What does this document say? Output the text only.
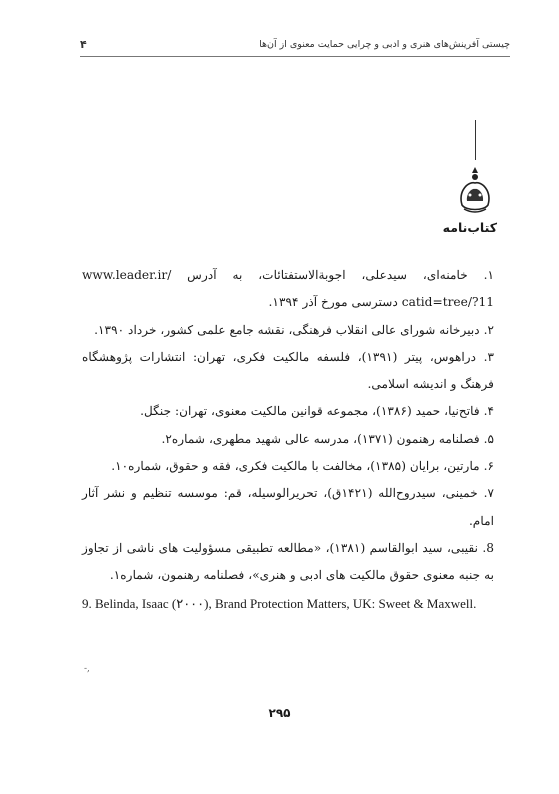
۴	چیستی آفرینش‌های هنری و ادبی و چرایی حمایت معنوی از آن‌ها
کتاب‌نامه
۱. خامنه‌ای، سیدعلی، اجوبة‌الاستفتائات، به آدرس www.leader.ir/ catid=tree/?11 دسترسی مورخ آذر ۱۳۹۴.
۲. دبیرخانه شورای عالی انقلاب فرهنگی، نقشه جامع علمی کشور، خرداد ۱۳۹۰.
۳. دراهوس، پیتر (۱۳۹۱)، فلسفه مالکیت فکری، تهران: انتشارات پژوهشگاه فرهنگ و اندیشه اسلامی.
۴. فاتح‌نیا، حمید (۱۳۸۶)، مجموعه قوانین مالکیت معنوی، تهران: جنگل.
۵. فصلنامه رهنمون (۱۳۷۱)، مدرسه عالی شهید مطهری، شماره۲.
۶. مارتین، برایان (۱۳۸۵)، مخالفت با مالکیت فکری، فقه و حقوق، شماره۱۰.
۷. خمینی، سیدروح‌الله (۱۴۲۱ق)، تحریرالوسیله، قم: موسسه تنظیم و نشر آثار امام.
8. نقیبی، سید ابوالقاسم (۱۳۸۱)، «مطالعه تطبیقی مسؤولیت های ناشی از تجاوز به جنبه معنوی حقوق مالکیت های ادبی و هنری»، فصلنامه رهنمون، شماره۱.
9. Belinda, Isaac (۲۰۰۰), Brand Protection Matters, UK: Sweet & Maxwell.
-,
۲۹۵
